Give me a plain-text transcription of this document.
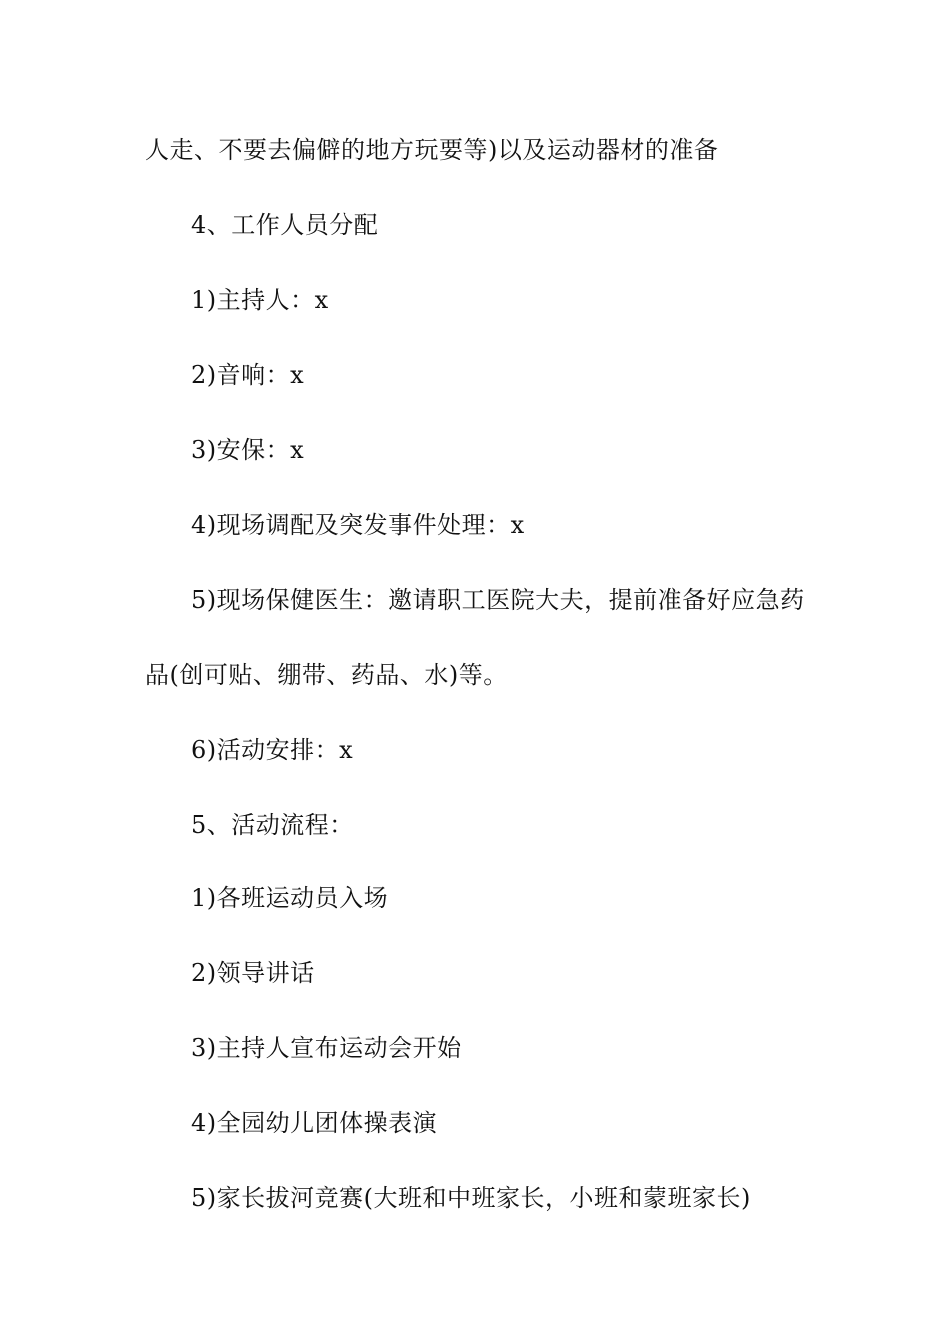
人走、不要去偏僻的地方玩要等)以及运动器材的准备
4、工作人员分配
1)主持人：x
2)音响：x
3)安保：x
4)现场调配及突发事件处理：x
5)现场保健医生：邀请职工医院大夫，提前准备好应急药
品(创可贴、绷带、药品、水)等。
6)活动安排：x
5、活动流程：
1)各班运动员入场
2)领导讲话
3)主持人宣布运动会开始
4)全园幼儿团体操表演
5)家长拔河竞赛(大班和中班家长，小班和蒙班家长)
